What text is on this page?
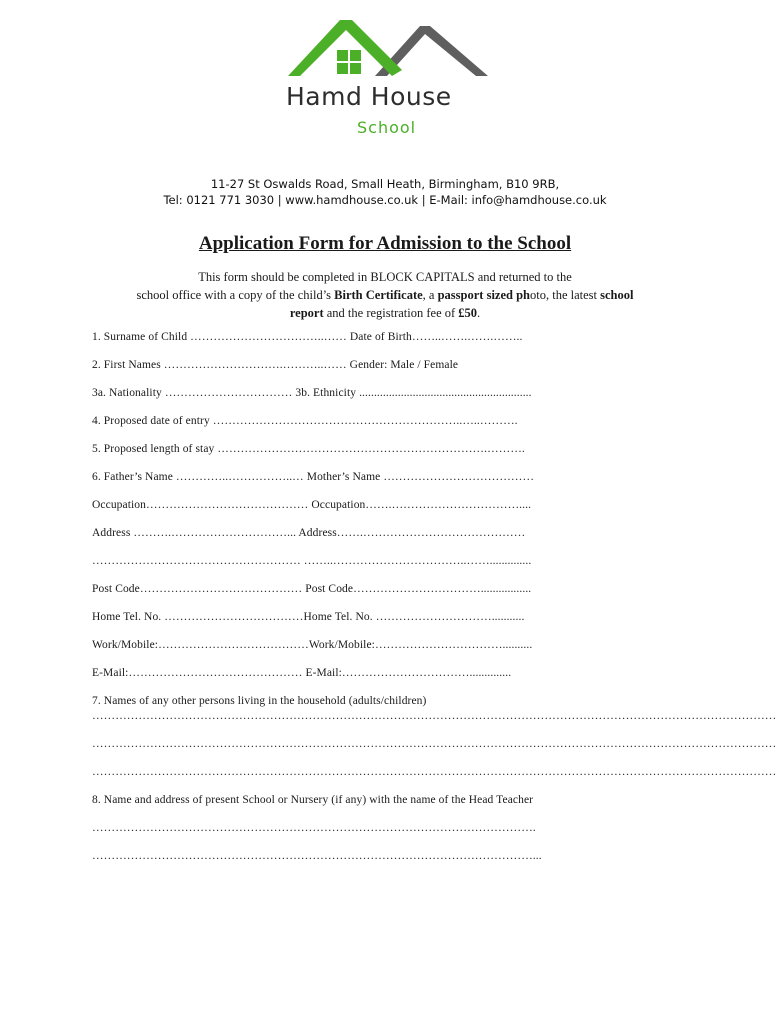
Hamd House
School
11-27 St Oswalds Road, Small Heath, Birmingham, B10 9RB,
Tel: 0121 771 3030 | www.hamdhouse.co.uk | E-Mail: info@hamdhouse.co.uk
Application Form for Admission to the School
This form should be completed in BLOCK CAPITALS and returned to the
school office with a copy of the child’s Birth Certificate, a passport sized photo, the latest school
report and the registration fee of £50.
1. Surname of Child ……………………………..…… Date of Birth……..…….…….……..
2. First Names ………………………….………..…… Gender: Male / Female
3a. Nationality …………………………… 3b. Ethnicity ..........................................................
4. Proposed date of entry ………………………………………………………..…..……….
5. Proposed length of stay …………………………………………………………….……….
6. Father’s Name …………..……………..… Mother’s Name …………………………………
Occupation…………………………………… Occupation…….……………………………....
Address ……….…………………………... Address…….……………………………………
……………………………………………… ……..……………………………..……..............
Post Code…………………………………… Post Code…………………………….................
Home Tel. No. ………………………………Home Tel. No. …………………………...........
Work/Mobile:…………………………………Work/Mobile:……………………………..........
E-Mail:……………………………………… E-Mail:……………………………..............
7. Names of any other persons living in the household (adults/children)
……………………………………………………………………………………………………………………………………………………………
……………………………………………………………………………………………………………………………………………………………
……………………………………………………………………………………………………………………………………………………………
8. Name and address of present School or Nursery (if any) with the name of the Head Teacher
…………………………………………………………………………………………………….
……………………………………………………………………………………………………...
